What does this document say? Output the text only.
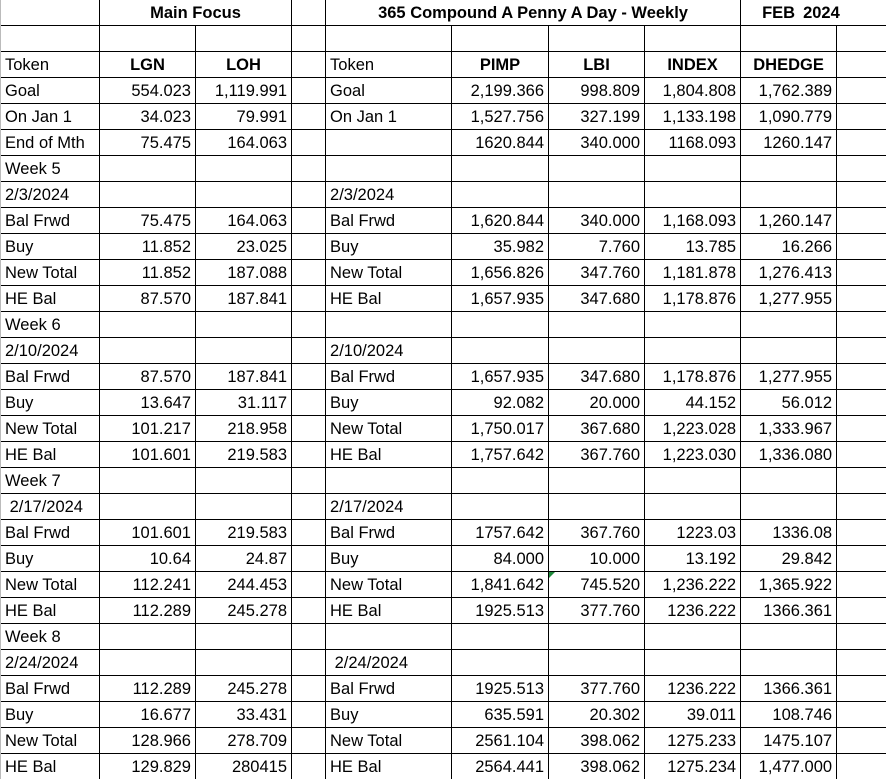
	Main Focus			365 Compound A Penny A Day - Weekly				FEB 2024	

Token	LGN	LOH		Token	PIMP	LBI	INDEX	DHEDGE	
Goal	554.023	1,119.991		Goal	2,199.366	998.809	1,804.808	1,762.389	
On Jan 1	34.023	79.991		On Jan 1	1,527.756	327.199	1,133.198	1,090.779	
End of Mth	75.475	164.063			1620.844	340.000	1168.093	1260.147	
Week 5									
2/3/2024				2/3/2024					
Bal Frwd	75.475	164.063		Bal Frwd	1,620.844	340.000	1,168.093	1,260.147	
Buy	11.852	23.025		Buy	35.982	7.760	13.785	16.266	
New Total	11.852	187.088		New Total	1,656.826	347.760	1,181.878	1,276.413	
HE Bal	87.570	187.841		HE Bal	1,657.935	347.680	1,178.876	1,277.955	
Week 6									
2/10/2024				2/10/2024					
Bal Frwd	87.570	187.841		Bal Frwd	1,657.935	347.680	1,178.876	1,277.955	
Buy	13.647	31.117		Buy	92.082	20.000	44.152	56.012	
New Total	101.217	218.958		New Total	1,750.017	367.680	1,223.028	1,333.967	
HE Bal	101.601	219.583		HE Bal	1,757.642	367.760	1,223.030	1,336.080	
Week 7									
2/17/2024				2/17/2024					
Bal Frwd	101.601	219.583		Bal Frwd	1757.642	367.760	1223.03	1336.08	
Buy	10.64	24.87		Buy	84.000	10.000	13.192	29.842	
New Total	112.241	244.453		New Total	1,841.642	745.520	1,236.222	1,365.922	
HE Bal	112.289	245.278		HE Bal	1925.513	377.760	1236.222	1366.361	
Week 8									
2/24/2024				2/24/2024					
Bal Frwd	112.289	245.278		Bal Frwd	1925.513	377.760	1236.222	1366.361	
Buy	16.677	33.431		Buy	635.591	20.302	39.011	108.746	
New Total	128.966	278.709		New Total	2561.104	398.062	1275.233	1475.107	
HE Bal	129.829	280415		HE Bal	2564.441	398.062	1275.234	1,477.000	
